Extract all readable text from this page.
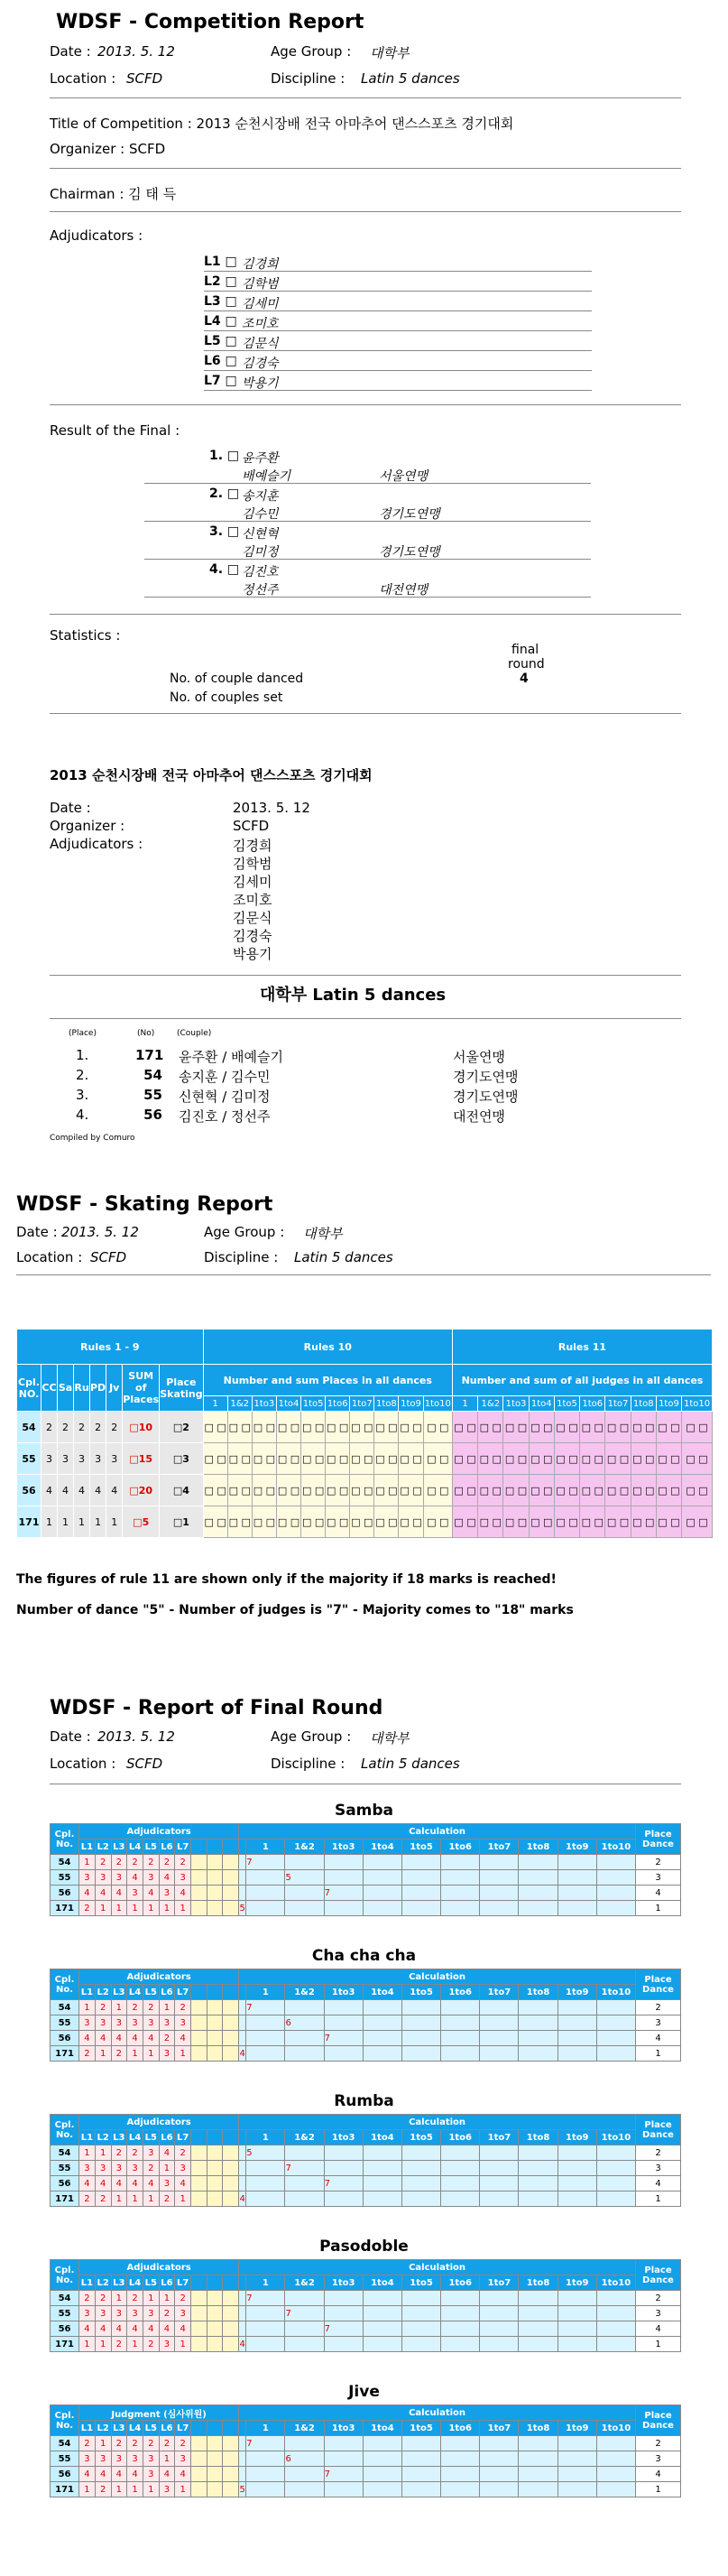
WDSF - Competition Report
Date : 2013. 5. 12	Age Group : 대학부
Location : SCFD	Discipline : Latin 5 dances
Title of Competition : 2013 순천시장배 전국 아마추어 댄스스포츠 경기대회
Organizer : SCFD
Chairman : 김 태 득
Adjudicators :
L1 □ 김경희
L2 □ 김학범
L3 □ 김세미
L4 □ 조미호
L5 □ 김문식
L6 □ 김경숙
L7 □ 박용기
Result of the Final :
1. □ 윤주환
배예슬기	서울연맹
2. □ 송지훈
김수민	경기도연맹
3. □ 신현혁
김미정	경기도연맹
4. □ 김진호
정선주	대전연맹
Statistics :
final
round
No. of couple danced	4
No. of couples set
2013 순천시장배 전국 아마추어 댄스스포츠 경기대회
Date :	2013. 5. 12
Organizer :	SCFD
Adjudicators :	김경희
김학범
김세미
조미호
김문식
김경숙
박용기
대학부 Latin 5 dances
(Place)	(No)	(Couple)
1.	171 윤주환 / 배예슬기	서울연맹
2.	54 송지훈 / 김수민	경기도연맹
3.	55 신현혁 / 김미정	경기도연맹
4.	56 김진호 / 정선주	대전연맹
Compiled by Comuro
WDSF - Skating Report
Date : 2013. 5. 12	Age Group : 대학부
Location : SCFD	Discipline : Latin 5 dances
Rules 1 - 9								Rules 10										Rules 11									
Cpl. NO.	CC	Sa	Ru	PD	Jv	SUM of Places	Place Skating	Number and sum Places in all dances										Number and sum of all judges in all dances									
								1	1&2	1to3	1to4	1to5	1to6	1to7	1to8	1to9	1to10	1	1&2	1to3	1to4	1to5	1to6	1to7	1to8	1to9	1to10
54	2	2	2	2	2	□10	□2	□ □	□ □	□ □	□ □	□ □	□ □	□ □	□ □	□ □	□ □	□ □	□ □	□ □	□ □	□ □	□ □	□ □	□ □	□ □	□ □
55	3	3	3	3	3	□15	□3	□ □	□ □	□ □	□ □	□ □	□ □	□ □	□ □	□ □	□ □	□ □	□ □	□ □	□ □	□ □	□ □	□ □	□ □	□ □	□ □
56	4	4	4	4	4	□20	□4	□ □	□ □	□ □	□ □	□ □	□ □	□ □	□ □	□ □	□ □	□ □	□ □	□ □	□ □	□ □	□ □	□ □	□ □	□ □	□ □
171	1	1	1	1	1	□5	□1	□ □	□ □	□ □	□ □	□ □	□ □	□ □	□ □	□ □	□ □	□ □	□ □	□ □	□ □	□ □	□ □	□ □	□ □	□ □	□ □
The figures of rule 11 are shown only if the majority if 18 marks is reached!
Number of dance "5" - Number of judges is "7" - Majority comes to "18" marks
WDSF - Report of Final Round
Date : 2013. 5. 12	Age Group : 대학부
Location : SCFD	Discipline : Latin 5 dances
Samba
Cpl. No.	Adjudicators										Calculation											Place Dance
	L1	L2	L3	L4	L5	L6	L7					1	1&2	1to3	1to4	1to5	1to6	1to7	1to8	1to9	1to10	
54	1	2	2	2	2	2	2					7										2
55	3	3	3	4	3	4	3						5									3
56	4	4	4	3	4	3	4							7								4
171	2	1	1	1	1	1	1				5											1
Cha cha cha
Cpl. No.	Adjudicators										Calculation											Place Dance
	L1	L2	L3	L4	L5	L6	L7					1	1&2	1to3	1to4	1to5	1to6	1to7	1to8	1to9	1to10	
54	1	2	1	2	2	1	2					7										2
55	3	3	3	3	3	3	3						6									3
56	4	4	4	4	4	2	4							7								4
171	2	1	2	1	1	3	1				4											1
Rumba
Cpl. No.	Adjudicators										Calculation											Place Dance
	L1	L2	L3	L4	L5	L6	L7					1	1&2	1to3	1to4	1to5	1to6	1to7	1to8	1to9	1to10	
54	1	1	2	2	3	4	2					5										2
55	3	3	3	3	2	1	3						7									3
56	4	4	4	4	4	3	4							7								4
171	2	2	1	1	1	2	1				4											1
Pasodoble
Cpl. No.	Adjudicators										Calculation											Place Dance
	L1	L2	L3	L4	L5	L6	L7					1	1&2	1to3	1to4	1to5	1to6	1to7	1to8	1to9	1to10	
54	2	2	1	2	1	1	2					7										2
55	3	3	3	3	3	2	3						7									3
56	4	4	4	4	4	4	4							7								4
171	1	1	2	1	2	3	1				4											1
Jive
Cpl. No.	Judgment (심사위원)										Calculation											Place Dance
	L1	L2	L3	L4	L5	L6	L7					1	1&2	1to3	1to4	1to5	1to6	1to7	1to8	1to9	1to10	
54	2	1	2	2	2	2	2					7										2
55	3	3	3	3	3	1	3						6									3
56	4	4	4	4	3	4	4							7								4
171	1	2	1	1	1	3	1				5											1
